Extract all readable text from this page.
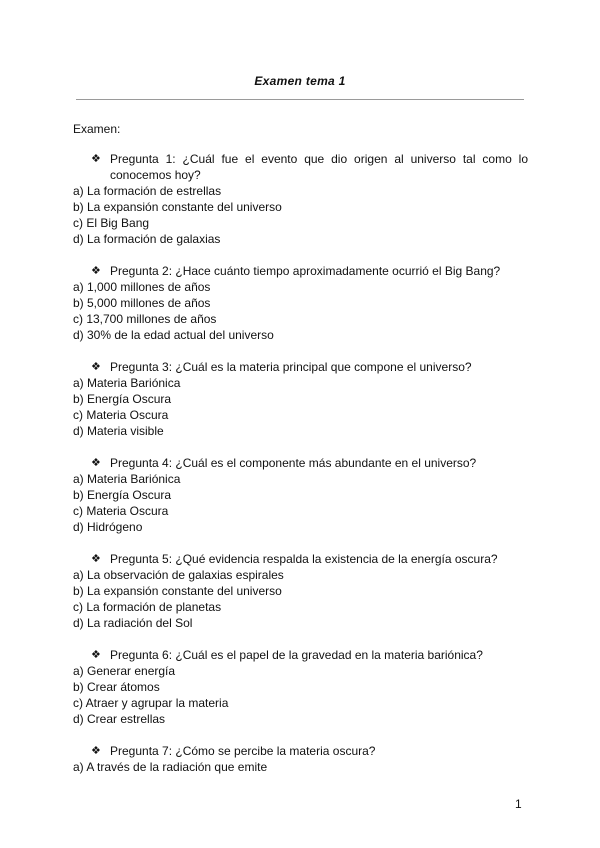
Examen tema 1
Examen:
❖ Pregunta 1: ¿Cuál fue el evento que dio origen al universo tal como lo conocemos hoy?
a) La formación de estrellas
b) La expansión constante del universo
c) El Big Bang
d) La formación de galaxias
❖ Pregunta 2: ¿Hace cuánto tiempo aproximadamente ocurrió el Big Bang?
a) 1,000 millones de años
b) 5,000 millones de años
c) 13,700 millones de años
d) 30% de la edad actual del universo
❖ Pregunta 3: ¿Cuál es la materia principal que compone el universo?
a) Materia Bariónica
b) Energía Oscura
c) Materia Oscura
d) Materia visible
❖ Pregunta 4: ¿Cuál es el componente más abundante en el universo?
a) Materia Bariónica
b) Energía Oscura
c) Materia Oscura
d) Hidrógeno
❖ Pregunta 5: ¿Qué evidencia respalda la existencia de la energía oscura?
a) La observación de galaxias espirales
b) La expansión constante del universo
c) La formación de planetas
d) La radiación del Sol
❖ Pregunta 6: ¿Cuál es el papel de la gravedad en la materia bariónica?
a) Generar energía
b) Crear átomos
c) Atraer y agrupar la materia
d) Crear estrellas
❖ Pregunta 7: ¿Cómo se percibe la materia oscura?
a) A través de la radiación que emite
1
